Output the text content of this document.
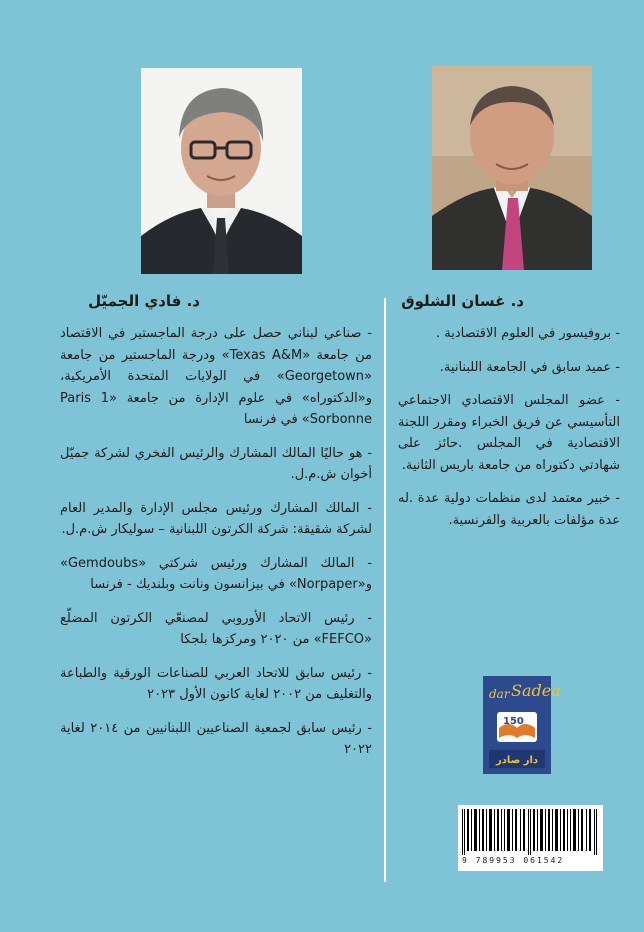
د. فادي الجميّل	د. غسان الشلوق

- صناعي لبناني حصل على درجة الماجستير في الاقتصاد من جامعة «Texas A&M» ودرجة الماجستير من جامعة «Georgetown» في الولايات المتحدة الأمريكية، و«الدكتوراه» في علوم الإدارة من جامعة «Paris 1 Sorbonne» في فرنسا

- هو حاليًا المالك المشارك والرئيس الفخري لشركة جميّل أخوان ش.م.ل.

- المالك المشارك ورئيس مجلس الإدارة والمدير العام لشركة شقيقة: شركة الكرتون اللبنانية – سوليكار ش.م.ل.

- المالك المشارك ورئيس شركتي «Gemdoubs» و«Norpaper» في بيزانسون ونانت وبلنديك - فرنسا

- رئيس الاتحاد الأوروبي لمصنعّي الكرتون المضلّع «FEFCO» من ٢٠٢٠ ومركزها بلجكا

- رئيس سابق للاتحاد العربي للصناعات الورقية والطباعة والتغليف من ٢٠٠٢ لغاية كانون الأول ٢٠٢٣

- رئيس سابق لجمعية الصناعيين اللبنانيين من ٢٠١٤ لغاية ٢٠٢٢

- بروفيسور في العلوم الاقتصادية .

- عميد سابق في الجامعة اللبنانية.

- عضو المجلس الاقتصادي الاجتماعي التأسيسي عن فريق الخبراء ومقرر اللجنة الاقتصادية في المجلس .حائز على شهادتي دكتوراه من جامعة باريس الثانية.

- خبير معتمد لدى منظمات دولية عدة .له عدة مؤلفات بالعربية والفرنسية.

dar Sadea
150
دار صادر
9 789953 061542
